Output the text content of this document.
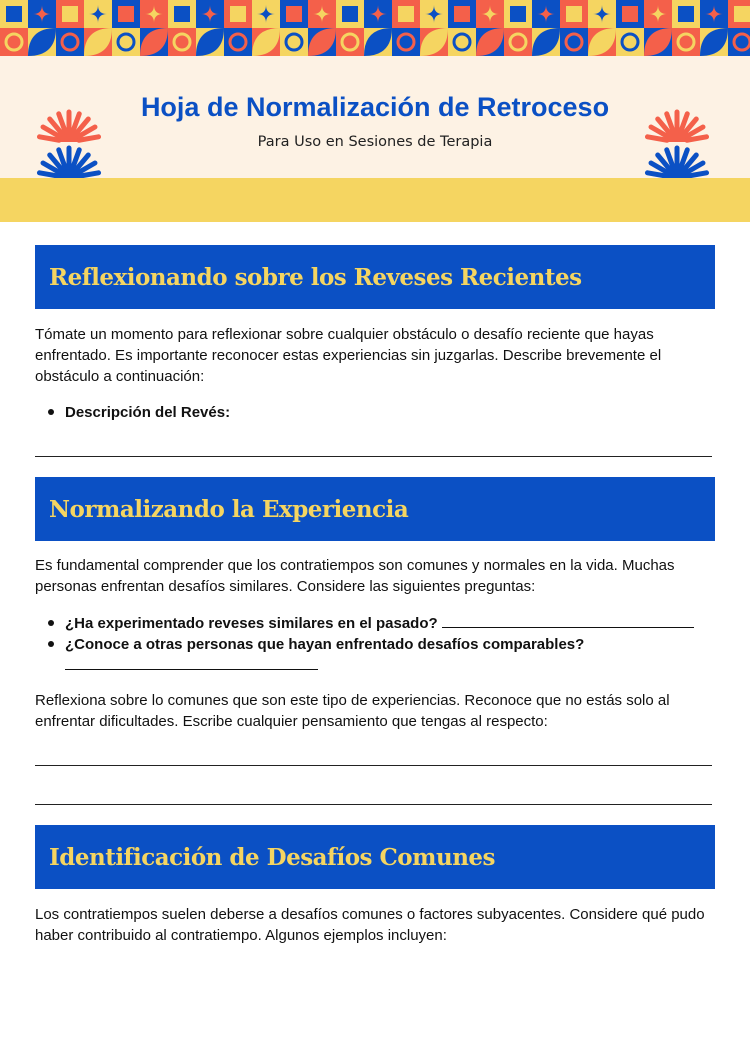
Hoja de Normalización de Retroceso
Para Uso en Sesiones de Terapia
Reflexionando sobre los Reveses Recientes

Tómate un momento para reflexionar sobre cualquier obstáculo o desafío reciente que hayas enfrentado. Es importante reconocer estas experiencias sin juzgarlas. Describe brevemente el obstáculo a continuación:

Descripción del Revés:
Normalizando la Experiencia

Es fundamental comprender que los contratiempos son comunes y normales en la vida. Muchas personas enfrentan desafíos similares. Considere las siguientes preguntas:

¿Ha experimentado reveses similares en el pasado?
¿Conoce a otras personas que hayan enfrentado desafíos comparables?

Reflexiona sobre lo comunes que son este tipo de experiencias. Reconoce que no estás solo al enfrentar dificultades. Escribe cualquier pensamiento que tengas al respecto:

Identificación de Desafíos Comunes

Los contratiempos suelen deberse a desafíos comunes o factores subyacentes. Considere qué pudo haber contribuido al contratiempo. Algunos ejemplos incluyen:
